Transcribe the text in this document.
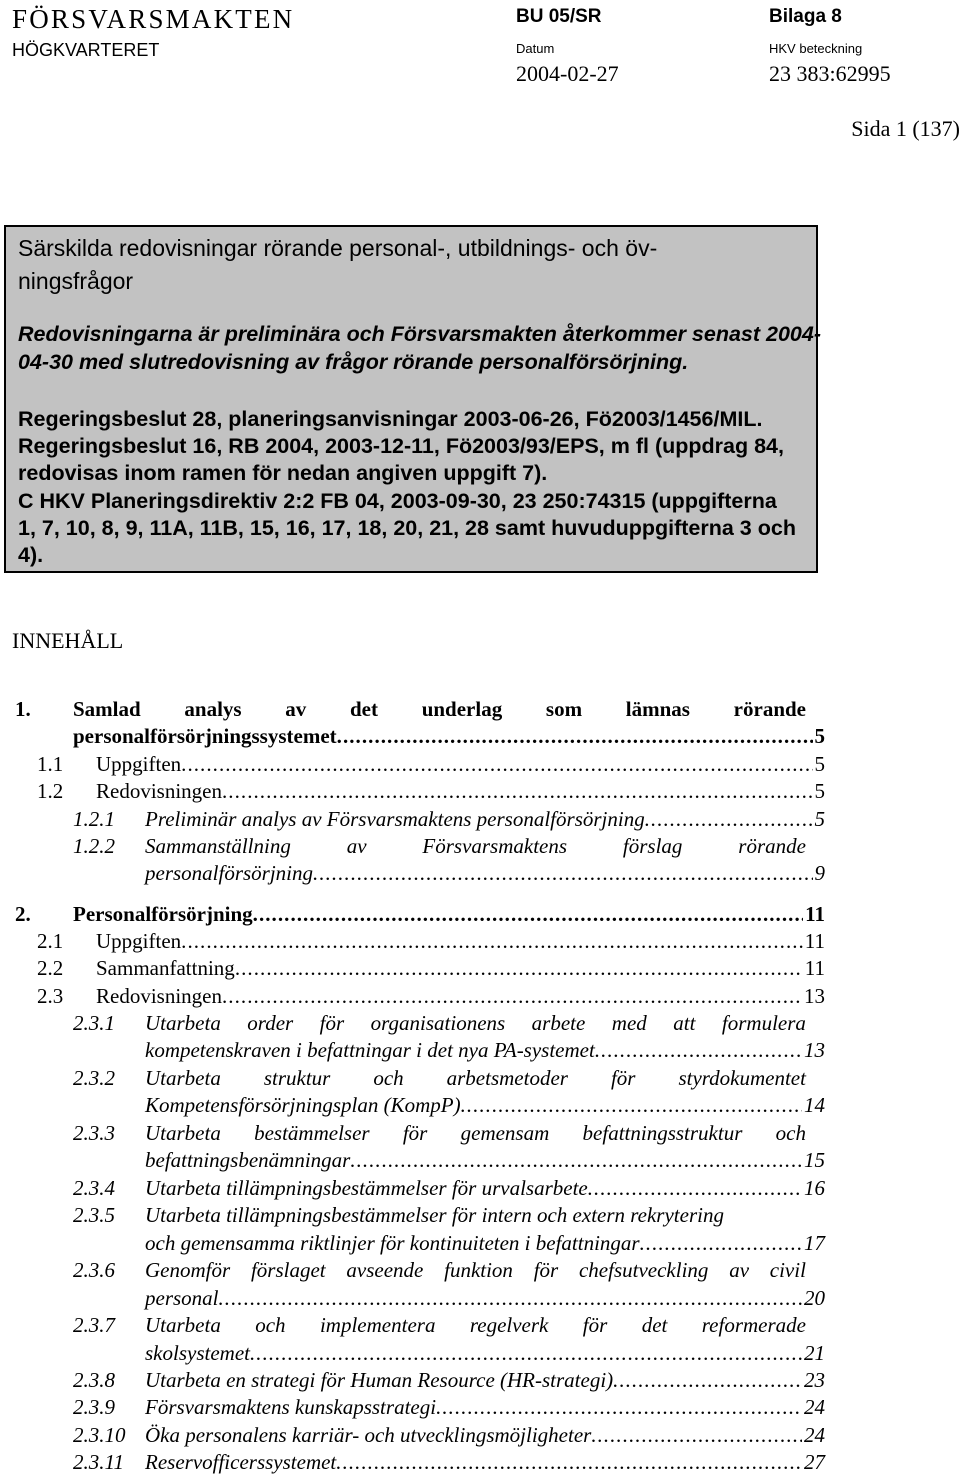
FÖRSVARSMAKTEN
HÖGKVARTERET
BU 05/SR	Bilaga 8
Datum	HKV beteckning
2004-02-27	23 383:62995
Sida 1 (137)
Särskilda redovisningar rörande personal-, utbildnings- och öv-
ningsfrågor
Redovisningarna är preliminära och Försvarsmakten återkommer senast 2004-
04-30 med slutredovisning av frågor rörande personalförsörjning.
Regeringsbeslut 28, planeringsanvisningar 2003-06-26, Fö2003/1456/MIL.
Regeringsbeslut 16, RB 2004, 2003-12-11, Fö2003/93/EPS, m fl (uppdrag 84,
redovisas inom ramen för nedan angiven uppgift 7).
C HKV Planeringsdirektiv 2:2 FB 04, 2003-09-30, 23 250:74315 (uppgifterna
1, 7, 10, 8, 9, 11A, 11B, 15, 16, 17, 18, 20, 21, 28 samt huvuduppgifterna 3 och
4).
INNEHÅLL
1. Samlad analys av det underlag som lämnas rörande
personalförsörjningssystemet . . .	5
1.1 Uppgiften . . .	5
1.2 Redovisningen . . .	5
1.2.1 Preliminär analys av Försvarsmaktens personalförsörjning . . .	5
1.2.2 Sammanställning	av	Försvarsmaktens	förslag	rörande
personalförsörjning . . .	9
2. Personalförsörjning . . .	11
2.1 Uppgiften . . .	11
2.2 Sammanfattning . . .	11
2.3 Redovisningen . . .	13
2.3.1 Utarbeta order för organisationens arbete med att formulera
kompetenskraven i befattningar i det nya PA-systemet . . .	13
2.3.2 Utarbeta struktur och arbetsmetoder för styrdokumentet
Kompetensförsörjningsplan (KompP) . . .	14
2.3.3 Utarbeta bestämmelser för gemensam befattningsstruktur och
befattningsbenämningar . . .	15
2.3.4 Utarbeta tillämpningsbestämmelser för urvalsarbete . . .	16
2.3.5 Utarbeta tillämpningsbestämmelser för intern och extern rekrytering
och gemensamma riktlinjer för kontinuiteten i befattningar . . .	17
2.3.6 Genomför förslaget avseende funktion för chefsutveckling av civil
personal . . .	20
2.3.7 Utarbeta och implementera regelverk för det reformerade
skolsystemet . . .	21
2.3.8 Utarbeta en strategi för Human Resource (HR-strategi) . . .	23
2.3.9 Försvarsmaktens kunskapsstrategi . . .	24
2.3.10 Öka personalens karriär- och utvecklingsmöjligheter . . .	24
2.3.11 Reservofficerssystemet . . .	27
